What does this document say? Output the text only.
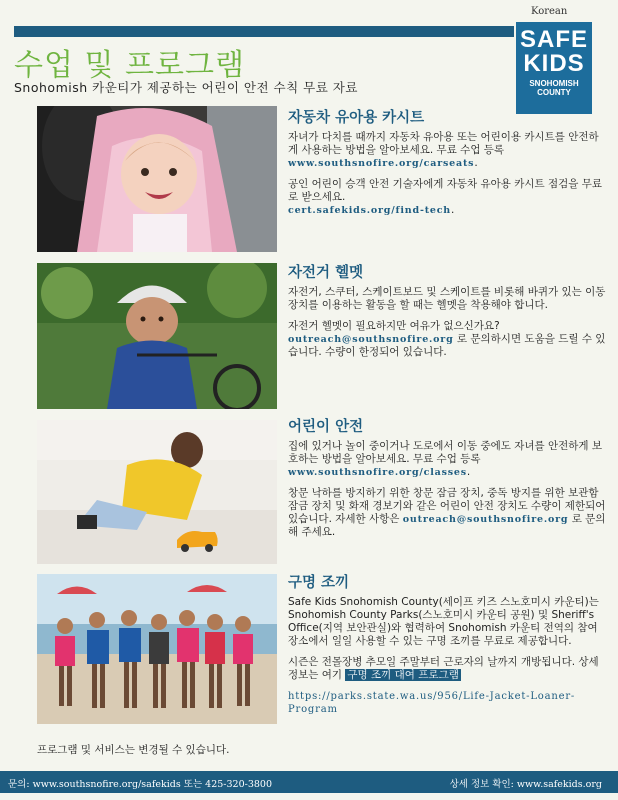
Korean
SAFE
KIDS
SNOHOMISH
COUNTY
수업 및 프로그램
Snohomish 카운티가 제공하는 어린이 안전 수칙 무료 자료
자동차 유아용 카시트

자녀가 다치를 때까지 자동차 유아용 또는 어린이용 카시트를 안전하게 사용하는 방법을 알아보세요. 무료 수업 등록 www.southsnofire.org/carseats.

공인 어린이 승객 안전 기술자에게 자동차 유아용 카시트 점검을 무료로 받으세요.
cert.safekids.org/find-tech.

자전거 헬멧

자전거, 스쿠터, 스케이트보드 및 스케이트를 비롯해 바퀴가 있는 이동 장치를 이용하는 활동을 할 때는 헬멧을 착용해야 합니다.

자전거 헬멧이 필요하지만 여유가 없으신가요?
outreach@southsnofire.org 로 문의하시면 도움을 드릴 수 있습니다. 수량이 한정되어 있습니다.

어린이 안전

집에 있거나 놀이 중이거나 도로에서 이동 중에도 자녀를 안전하게 보호하는 방법을 알아보세요. 무료 수업 등록 www.southsnofire.org/classes.

창문 낙하를 방지하기 위한 창문 잠금 장치, 중독 방지를 위한 보관함 잠금 장치 및 화재 경보기와 같은 어린이 안전 장치도 수량이 제한되어 있습니다. 자세한 사항은 outreach@southsnofire.org 로 문의해 주세요.

구명 조끼

Safe Kids Snohomish County(세이프 키즈 스노호미시 카운티)는 Snohomish County Parks(스노호미시 카운티 공원) 및 Sheriff's Office(지역 보안관실)와 협력하여 Snohomish 카운티 전역의 참여 장소에서 일일 사용할 수 있는 구명 조끼를 무료로 제공합니다.

시즌은 전몰장병 추모일 주말부터 근로자의 날까지 개방됩니다. 상세 정보는 여기 구명 조끼 대여 프로그램

https://parks.state.wa.us/956/Life-Jacket-Loaner-Program

프로그램 및 서비스는 변경될 수 있습니다.
문의: www.southsnofire.org/safekids 또는 425-320-3800	상세 정보 확인: www.safekids.org
